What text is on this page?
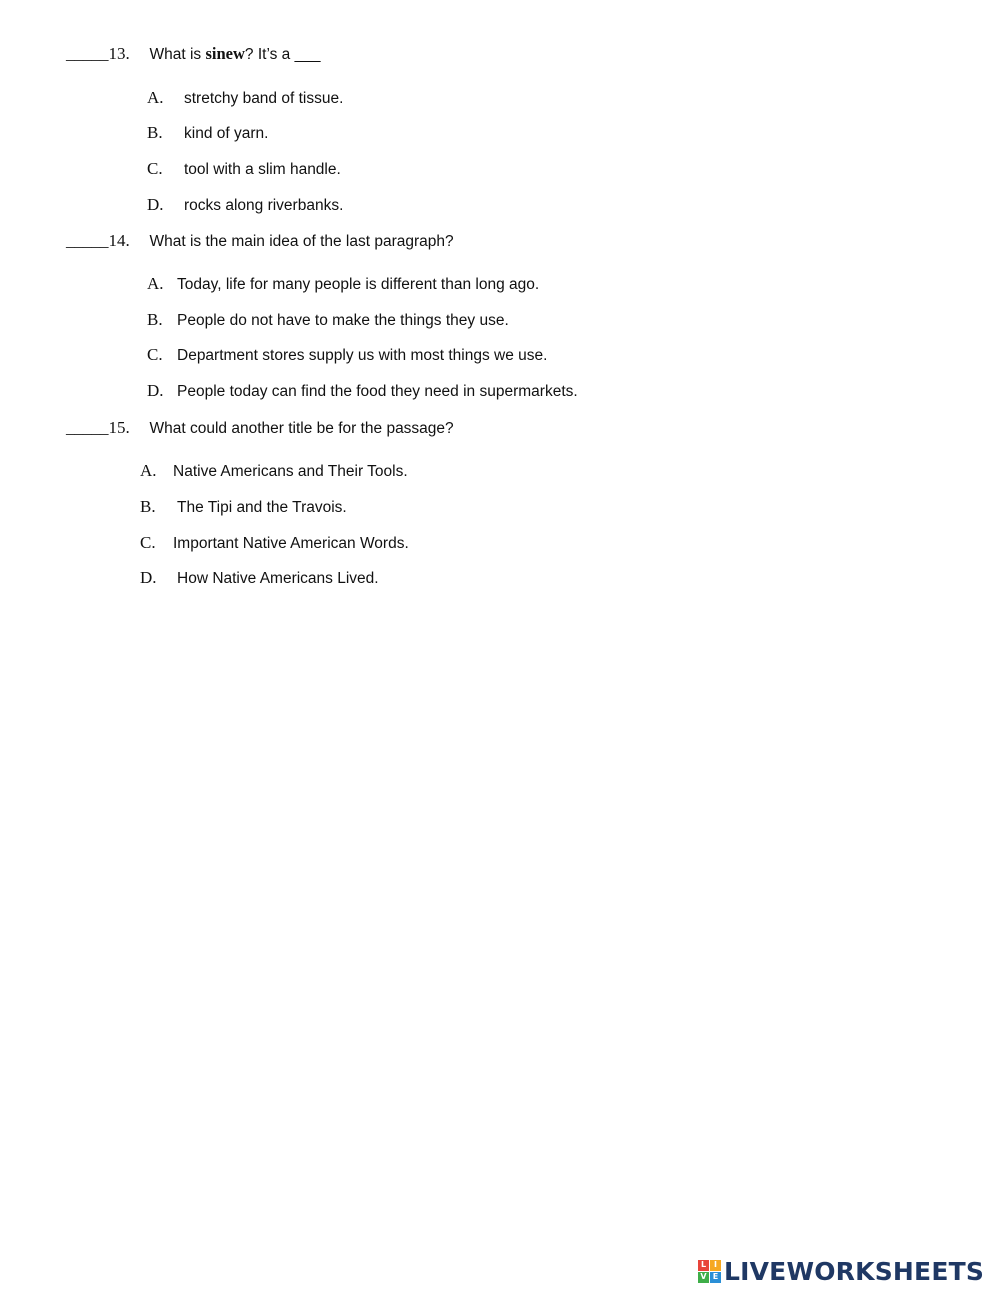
_____ 13.	What is sinew? It’s a ___
A.	stretchy band of tissue.
B.	kind of yarn.
C.	tool with a slim handle.
D.	rocks along riverbanks.
_____ 14.	What is the main idea of the last paragraph?
A. Today, life for many people is different than long ago.
B. People do not have to make the things they use.
C. Department stores supply us with most things we use.
D. People today can find the food they need in supermarkets.
_____ 15.	What could another title be for the passage?
A.	Native Americans and Their Tools.
B.	The Tipi and the Travois.
C.	Important Native American Words.
D.	How Native Americans Lived.
L I
V E LIVEWORKSHEETS
